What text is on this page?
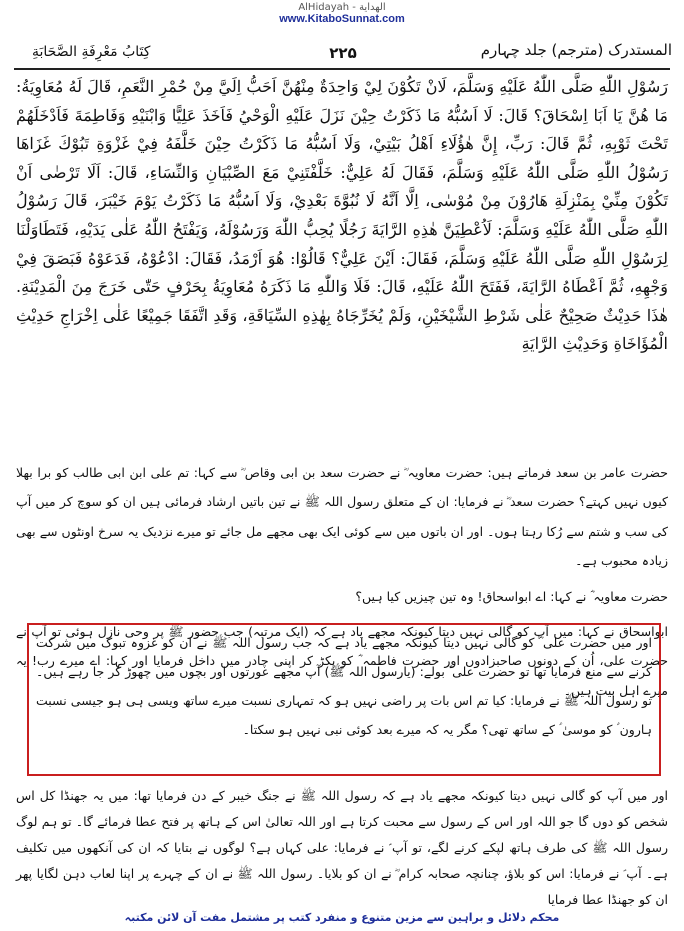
AlHidayah - الهداية
www.KitaboSunnat.com
المستدرک (مترجم) جلد چہارم
۲۲۵
كِتَابُ مَعْرِفَةِ الصَّحَابَةِ
رَسُوْلِ اللّٰهِ صَلَّى اللّٰهُ عَلَيْهِ وَسَلَّمَ، لَانْ تَكُوْنَ لِيْ وَاحِدَةٌ مِنْهُنَّ اَحَبُّ اِلَيَّ مِنْ حُمْرِ النَّعَمِ، قَالَ لَهُ مُعَاوِيَةُ: مَا هُنَّ يَا اَبَا اِسْحَاقَ؟ قَالَ: لَا اَسُبُّهُ مَا ذَكَرْتُ حِيْنَ نَزَلَ عَلَيْهِ الْوَحْيُ فَاَخَذَ عَلِيًّا وَابْنَيْهِ وَفَاطِمَةَ فَاَدْخَلَهُمْ تَحْتَ ثَوْبِهِ، ثُمَّ قَالَ: رَبِّ، إِنَّ هٰؤُلَاءِ اَهْلُ بَيْتِيْ، وَلَا اَسُبُّهُ مَا ذَكَرْتُ حِيْنَ خَلَّفَهُ فِيْ غَزْوَةِ تَبُوْكَ غَزَاهَا رَسُوْلُ اللّٰهِ صَلَّى اللّٰهُ عَلَيْهِ وَسَلَّمَ، فَقَالَ لَهُ عَلِيٌّ: خَلَّفْتَنِيْ مَعَ الصِّبْيَانِ وَالنِّسَاءِ، قَالَ: اَلَا تَرْضٰى اَنْ تَكُوْنَ مِنِّيْ بِمَنْزِلَةِ هَارُوْنَ مِنْ مُوْسٰى، اِلَّا اَنَّهُ لَا نُبُوَّةَ بَعْدِيْ، وَلَا اَسُبُّهُ مَا ذَكَرْتُ يَوْمَ خَيْبَرَ، قَالَ رَسُوْلُ اللّٰهِ صَلَّى اللّٰهُ عَلَيْهِ وَسَلَّمَ: لَاُعْطِيَنَّ هٰذِهِ الرَّايَةَ رَجُلًا يُحِبُّ اللّٰهَ وَرَسُوْلَهُ، وَيَفْتَحُ اللّٰهُ عَلٰى يَدَيْهِ، فَتَطَاوَلْنَا لِرَسُوْلِ اللّٰهِ صَلَّى اللّٰهُ عَلَيْهِ وَسَلَّمَ، فَقَالَ: اَيْنَ عَلِيٌّ؟ قَالُوْا: هُوَ اَرْمَدُ، فَقَالَ: ادْعُوْهُ، فَدَعَوْهُ فَبَصَقَ فِيْ وَجْهِهِ، ثُمَّ اَعْطَاهُ الرَّايَةَ، فَفَتَحَ اللّٰهُ عَلَيْهِ، قَالَ: فَلَا وَاللّٰهِ مَا ذَكَرَهُ مُعَاوِيَةُ بِحَرْفٍ حَتّٰى خَرَجَ مِنَ الْمَدِيْنَةِ. هٰذَا حَدِيْثٌ صَحِيْحٌ عَلٰى شَرْطِ الشَّيْخَيْنِ، وَلَمْ يُخَرِّجَاهُ بِهٰذِهِ السِّيَاقَةِ، وَقَدِ اتَّفَقَا جَمِيْعًا عَلٰى اِخْرَاجِ حَدِيْثِ الْمُؤَاخَاةِ وَحَدِيْثِ الرَّايَةِ

حضرت عامر بن سعد فرماتے ہیں: حضرت معاویہ ؓ نے حضرت سعد بن ابی وقاص ؓ سے کہا: تم علی ابن ابی طالب کو برا بھلا کیوں نہیں کہتے؟ حضرت سعد ؓ نے فرمایا: ان کے متعلق رسول اللہ ﷺ نے تین باتیں ارشاد فرمائی ہیں ان کو سوچ کر میں آپ کی سب و شتم سے رُکا رہتا ہوں۔ اور ان باتوں میں سے کوئی ایک بھی مجھے مل جائے تو میرے نزدیک یہ سرخ اونٹوں سے بھی زیادہ محبوب ہے۔

حضرت معاویہ ؓ نے کہا: اے ابواسحاق! وہ تین چیزیں کیا ہیں؟

ابواسحاق نے کہا: میں آپ کو گالی نہیں دیتا کیونکہ مجھے یاد ہے کہ (ایک مرتبہ) جب حضور ﷺ پر وحی نازل ہوئی تو آپ نے حضرت علی، اُن کے دونوں صاحبزادوں اور حضرت فاطمہ ؓ کو پکڑ کر اپنی چادر میں داخل فرمایا اور کہا: اے میرے رب! یہ میرے اہل بیت ہیں۔

اور میں حضرت علی ؓ کو گالی نہیں دیتا کیونکہ مجھے یاد ہے کہ جب رسول اللہ ﷺ نے ان کو غزوہ تبوک میں شرکت کرنے سے منع فرمایا تھا تو حضرت علی ؓ بولے: (یارسول اللہ ﷺ) آپ مجھے عورتوں اور بچوں میں چھوڑ کر جا رہے ہیں۔ تو رسول اللہ ﷺ نے فرمایا: کیا تم اس بات پر راضی نہیں ہو کہ تمہاری نسبت میرے ساتھ ویسی ہی ہو جیسی نسبت ہارون ؑ کو موسیٰ ؑ کے ساتھ تھی؟ مگر یہ کہ میرے بعد کوئی نبی نہیں ہو سکتا۔
اور میں آپ کو گالی نہیں دیتا کیونکہ مجھے یاد ہے کہ رسول اللہ ﷺ نے جنگ خیبر کے دن فرمایا تھا: میں یہ جھنڈا کل اس شخص کو دوں گا جو اللہ اور اس کے رسول سے محبت کرتا ہے اور اللہ تعالیٰ اس کے ہاتھ پر فتح عطا فرمائے گا۔ تو ہم لوگ رسول اللہ ﷺ کی طرف ہاتھ لپکے کرنے لگے، تو آپ ؑ نے فرمایا: علی کہاں ہے؟ لوگوں نے بتایا کہ ان کی آنکھوں میں تکلیف ہے۔ آپ ؑ نے فرمایا: اس کو بلاؤ، چنانچہ صحابہ کرام ؓ نے ان کو بلایا۔ رسول اللہ ﷺ نے ان کے چہرے پر اپنا لعاب دہن لگایا پھر ان کو جھنڈا عطا فرمایا
محکم دلائل و براہین سے مزین متنوع و منفرد کتب پر مشتمل مفت آن لائن مکتبہ
